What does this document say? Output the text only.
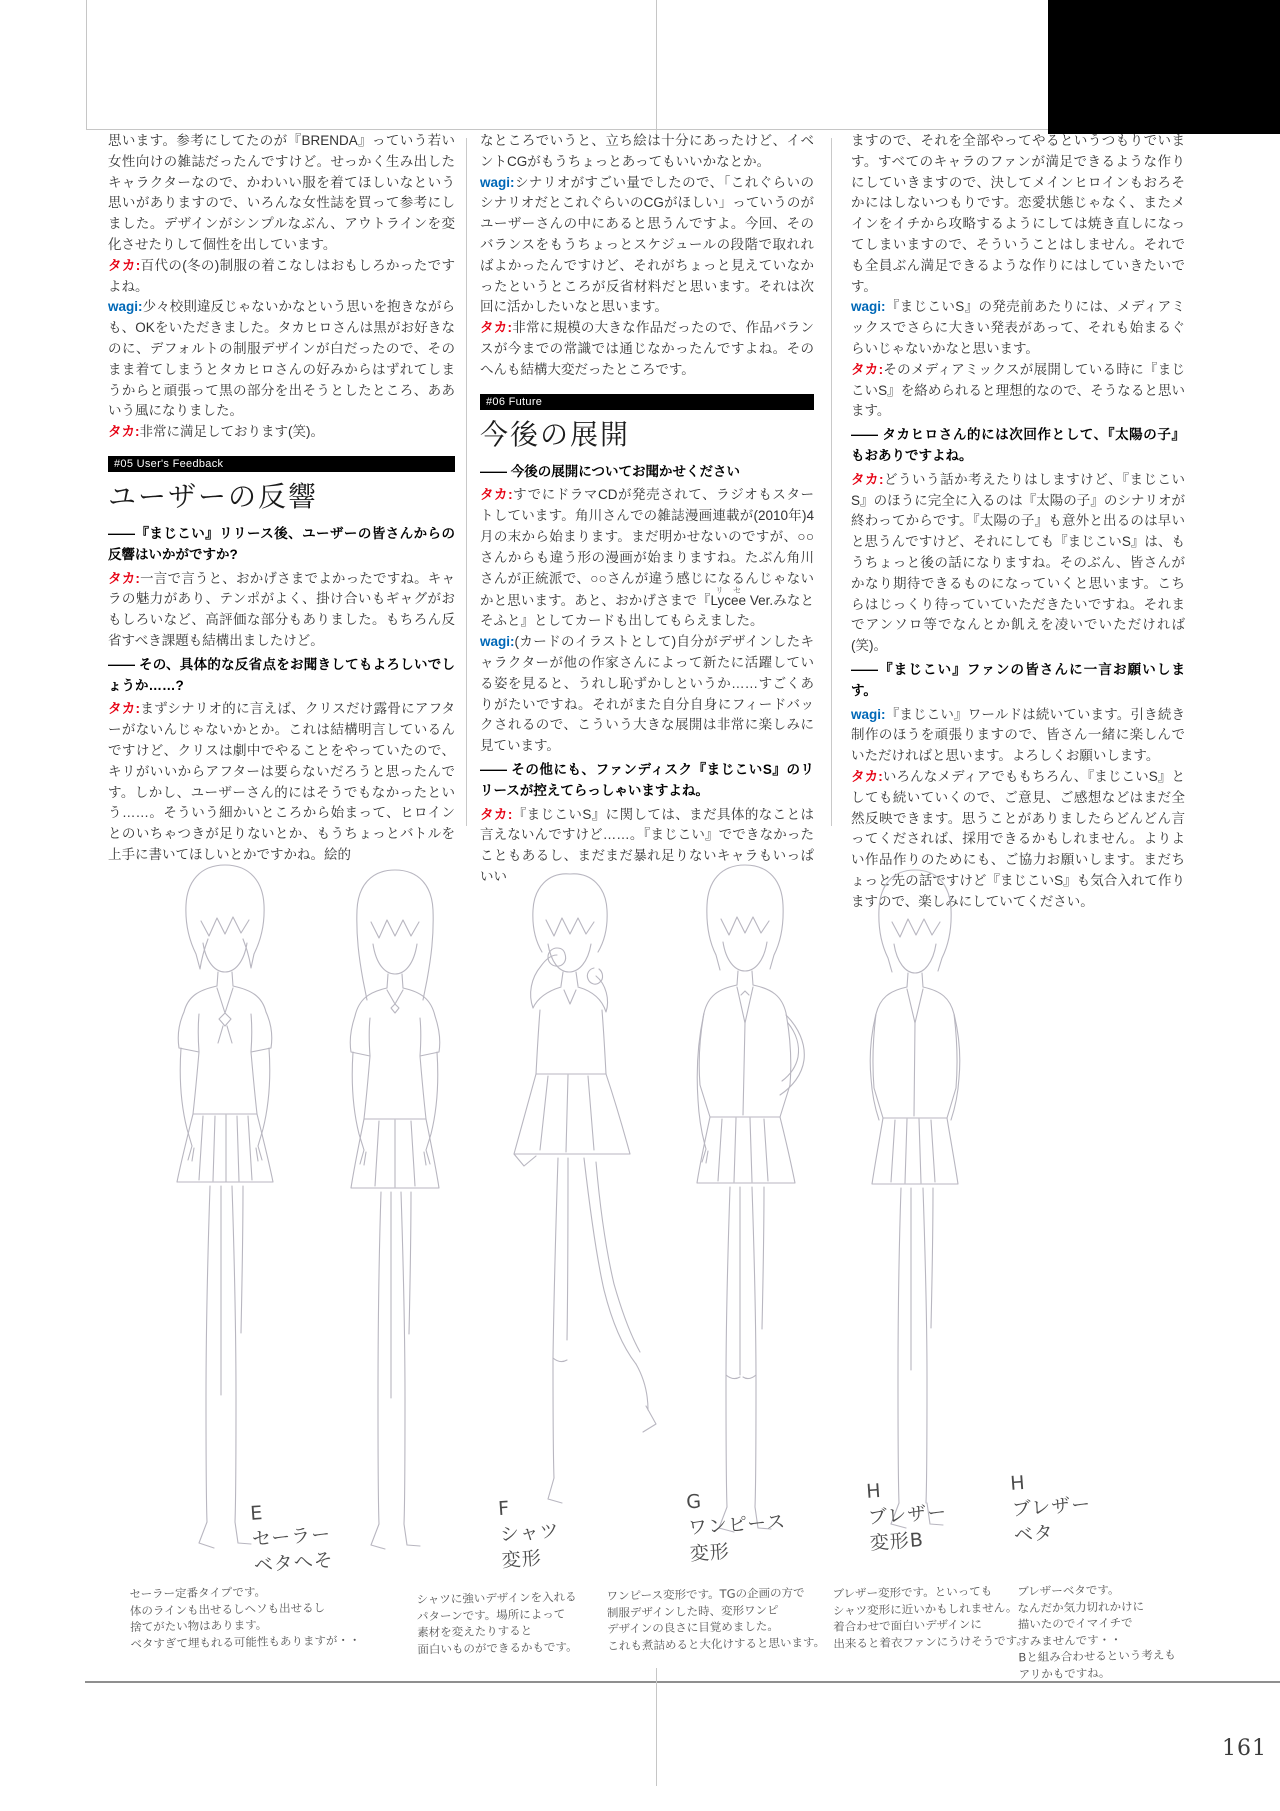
思います。参考にしてたのが『BRENDA』っていう若い女性向けの雑誌だったんですけど。せっかく生み出したキャラクターなので、かわいい服を着てほしいなという思いがありますので、いろんな女性誌を買って参考にしました。デザインがシンプルなぶん、アウトラインを変化させたりして個性を出しています。

タカ:百代の(冬の)制服の着こなしはおもしろかったですよね。

wagi:少々校則違反じゃないかなという思いを抱きながらも、OKをいただきました。タカヒロさんは黒がお好きなのに、デフォルトの制服デザインが白だったので、そのまま着てしまうとタカヒロさんの好みからはずれてしまうからと頑張って黒の部分を出そうとしたところ、ああいう風になりました。

タカ:非常に満足しております(笑)。

#05 User's Feedback
ユーザーの反響

――『まじこい』リリース後、ユーザーの皆さんからの反響はいかがですか?

タカ:一言で言うと、おかげさまでよかったですね。キャラの魅力があり、テンポがよく、掛け合いもギャグがおもしろいなど、高評価な部分もありました。もちろん反省すべき課題も結構出ましたけど。

―― その、具体的な反省点をお聞きしてもよろしいでしょうか……?

タカ:まずシナリオ的に言えば、クリスだけ露骨にアフターがないんじゃないかとか。これは結構明言しているんですけど、クリスは劇中でやることをやっていたので、キリがいいからアフターは要らないだろうと思ったんです。しかし、ユーザーさん的にはそうでもなかったという……。そういう細かいところから始まって、ヒロインとのいちゃつきが足りないとか、もうちょっとバトルを上手に書いてほしいとかですかね。絵的

なところでいうと、立ち絵は十分にあったけど、イベントCGがもうちょっとあってもいいかなとか。

wagi:シナリオがすごい量でしたので、「これぐらいのシナリオだとこれぐらいのCGがほしい」っていうのがユーザーさんの中にあると思うんですよ。今回、そのバランスをもうちょっとスケジュールの段階で取れればよかったんですけど、それがちょっと見えていなかったというところが反省材料だと思います。それは次回に活かしたいなと思います。

タカ:非常に規模の大きな作品だったので、作品バランスが今までの常識では通じなかったんですよね。そのへんも結構大変だったところです。

#06 Future
今後の展開

―― 今後の展開についてお聞かせください

タカ:すでにドラマCDが発売されて、ラジオもスタートしています。角川さんでの雑誌漫画連載が(2010年)4月の末から始まります。まだ明かせないのですが、○○さんからも違う形の漫画が始まりますね。たぶん角川さんが正統派で、○○さんが違う感じになるんじゃないかと思います。あと、おかげさまで『Lyceeリセ Ver.みなとそふと』としてカードも出してもらえました。

wagi:(カードのイラストとして)自分がデザインしたキャラクターが他の作家さんによって新たに活躍している姿を見ると、うれし恥ずかしというか……すごくありがたいですね。それがまた自分自身にフィードバックされるので、こういう大きな展開は非常に楽しみに見ています。

―― その他にも、ファンディスク『まじこいS』のリリースが控えてらっしゃいますよね。

タカ:『まじこいS』に関しては、まだ具体的なことは言えないんですけど……。『まじこい』でできなかったこともあるし、まだまだ暴れ足りないキャラもいっぱいい

ますので、それを全部やってやるというつもりでいます。すべてのキャラのファンが満足できるような作りにしていきますので、決してメインヒロインもおろそかにはしないつもりです。恋愛状態じゃなく、またメインをイチから攻略するようにしては焼き直しになってしまいますので、そういうことはしません。それでも全員ぶん満足できるような作りにはしていきたいです。

wagi:『まじこいS』の発売前あたりには、メディアミックスでさらに大きい発表があって、それも始まるぐらいじゃないかなと思います。

タカ:そのメディアミックスが展開している時に『まじこいS』を絡められると理想的なので、そうなると思います。

―― タカヒロさん的には次回作として、『太陽の子』もおありですよね。

タカ:どういう話か考えたりはしますけど、『まじこいS』のほうに完全に入るのは『太陽の子』のシナリオが終わってからです。『太陽の子』も意外と出るのは早いと思うんですけど、それにしても『まじこいS』は、もうちょっと後の話になりますね。そのぶん、皆さんがかなり期待できるものになっていくと思います。こちらはじっくり待っていていただきたいですね。それまでアンソロ等でなんとか飢えを凌いでいただければ(笑)。

――『まじこい』ファンの皆さんに一言お願いします。

wagi:『まじこい』ワールドは続いています。引き続き制作のほうを頑張りますので、皆さん一緒に楽しんでいただければと思います。よろしくお願いします。

タカ:いろんなメディアでももちろん、『まじこいS』としても続いていくので、ご意見、ご感想などはまだ全然反映できます。思うことがありましたらどんどん言ってくだされば、採用できるかもしれません。よりよい作品作りのためにも、ご協力お願いします。まだちょっと先の話ですけど『まじこいS』も気合入れて作りますので、楽しみにしていてください。

E
セーラー
ベタへそ
F
シャツ
変形
G
ワンピース
変形
H
ブレザー
変形B
H
ブレザー
ベタ
セーラー定番タイプです。
体のラインも出せるしヘソも出せるし
捨てがたい物はあります。
ベタすぎて埋もれる可能性もありますが・・
シャツに強いデザインを入れる
パターンです。場所によって
素材を変えたりすると
面白いものができるかもです。
ワンピース変形です。TGの企画の方で
制服デザインした時、変形ワンピ
デザインの良さに目覚めました。
これも煮詰めると大化けすると思います。
ブレザー変形です。といっても
シャツ変形に近いかもしれません。
着合わせで面白いデザインに
出来ると着衣ファンにうけそうです。
ブレザーベタです。
なんだか気力切れかけに
描いたのでイマイチで
すみませんです・・
Bと組み合わせるという考えも
アリかもですね。
161
